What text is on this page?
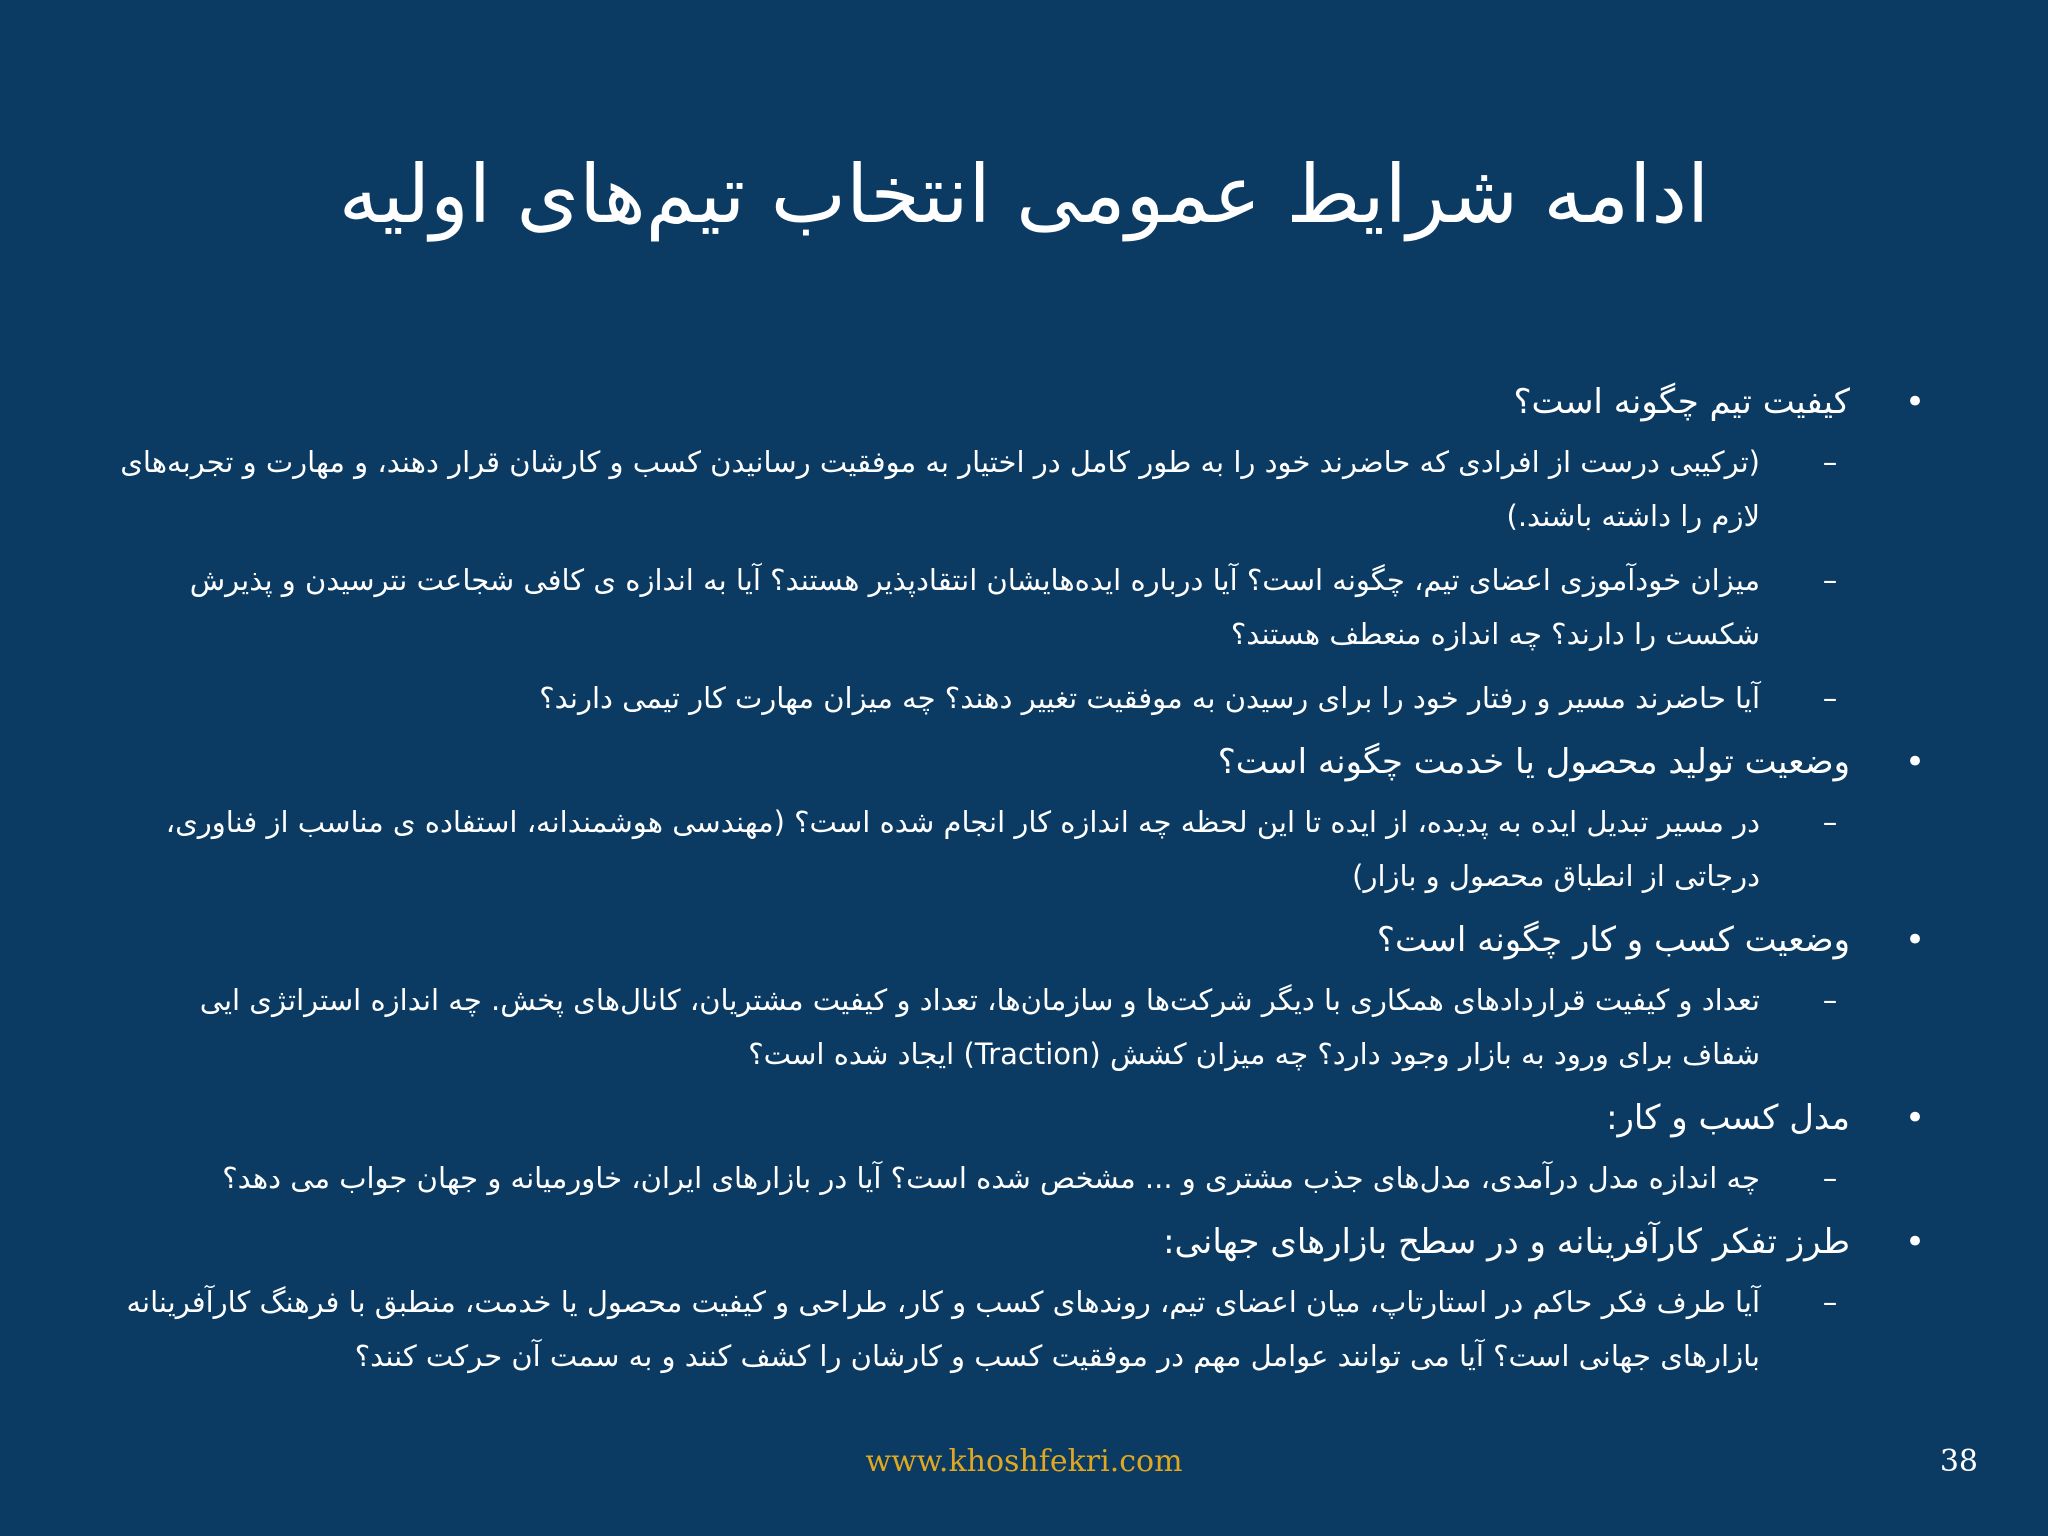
ادامه شرایط عمومی انتخاب تیم‌های اولیه
•
کیفیت تیم چگونه است؟
–
(ترکیبی درست از افرادی که حاضرند خود را به طور کامل در اختیار به موفقیت رسانیدن کسب و کارشان قرار دهند، و مهارت و تجربه‌های لازم را داشته باشند.)
–
میزان خودآموزی اعضای تیم، چگونه است؟ آیا درباره ایده‌هایشان انتقادپذیر هستند؟ آیا به اندازه ی کافی شجاعت نترسیدن و پذیرش شکست را دارند؟ چه اندازه منعطف هستند؟
–
آیا حاضرند مسیر و رفتار خود را برای رسیدن به موفقیت تغییر دهند؟ چه میزان مهارت کار تیمی دارند؟
•
وضعیت تولید محصول یا خدمت چگونه است؟
–
در مسیر تبدیل ایده به پدیده، از ایده تا این لحظه چه اندازه کار انجام شده است؟ (مهندسی هوشمندانه، استفاده ی مناسب از فناوری، درجاتی از انطباق محصول و بازار)
•
وضعیت کسب و کار چگونه است؟
–
تعداد و کیفیت قراردادهای همکاری با دیگر شرکت‌ها و سازمان‌ها، تعداد و کیفیت مشتریان، کانال‌های پخش. چه اندازه استراتژی ایی شفاف برای ورود به بازار وجود دارد؟ چه میزان کشش (Traction) ایجاد شده است؟
•
مدل کسب و کار:
–
چه اندازه مدل درآمدی، مدل‌های جذب مشتری و ... مشخص شده است؟ آیا در بازارهای ایران، خاورمیانه و جهان جواب می دهد؟
•
طرز تفکر کارآفرینانه و در سطح بازارهای جهانی:
–
آیا طرف فکر حاکم در استارتاپ، میان اعضای تیم، روندهای کسب و کار، طراحی و کیفیت محصول یا خدمت، منطبق با فرهنگ کارآفرینانه بازارهای جهانی است؟ آیا می توانند عوامل مهم در موفقیت کسب و کارشان را کشف کنند و به سمت آن حرکت کنند؟
www.khoshfekri.com	38
